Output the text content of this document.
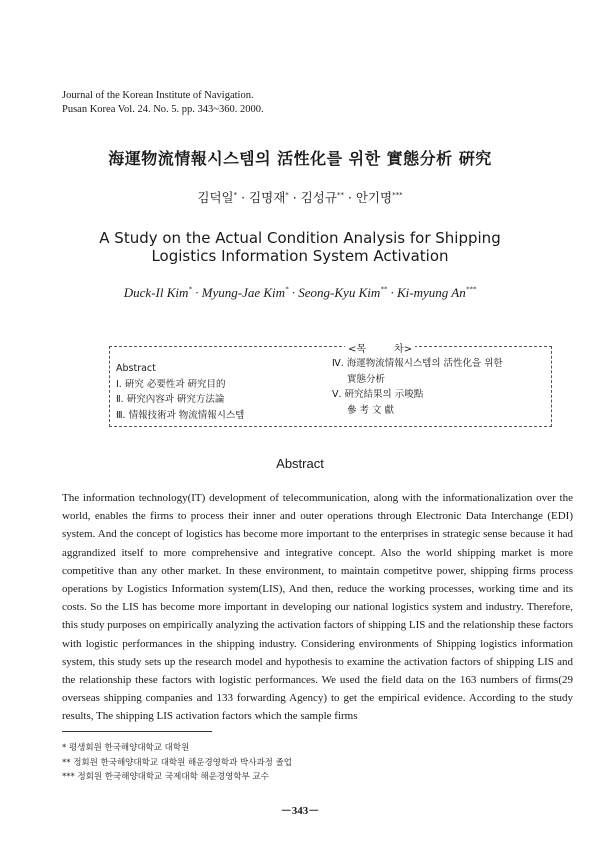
Journal of the Korean Institute of Navigation.
Pusan Korea Vol. 24. No. 5. pp. 343~360. 2000.
海運物流情報시스템의 活性化를 위한 實態分析 硏究
김덕일* · 김명재* · 김성규** · 안기명***
A Study on the Actual Condition Analysis for Shipping
Logistics Information System Activation
Duck-Il Kim* · Myung-Jae Kim* · Seong-Kyu Kim** · Ki-myung An***
<목	차>
Abstract
Ⅰ. 硏究 必要性과 硏究目的
Ⅱ. 硏究內容과 硏究方法論
Ⅲ. 情報技術과 物流情報시스템
Ⅳ. 海運物流情報시스템의 活性化을 위한
實態分析
Ⅴ. 硏究結果의 示唆點
參 考 文 獻
Abstract
The information technology(IT) development of telecommunication, along with the informationalization over the world, enables the firms to process their inner and outer operations through Electronic Data Interchange (EDI) system. And the concept of logistics has become more important to the enterprises in strategic sense because it had aggrandized itself to more comprehensive and integrative concept. Also the world shipping market is more competitive than any other market. In these environment, to maintain competitve power, shipping firms process operations by Logistics Information system(LIS), And then, reduce the working processes, working time and its costs. So the LIS has become more important in developing our national logistics system and industry. Therefore, this study purposes on empirically analyzing the activation factors of shipping LIS and the relationship these factors with logistic performances in the shipping industry. Considering environments of Shipping logistics information system, this study sets up the research model and hypothesis to examine the activation factors of shipping LIS and the relationship these factors with logistic performances. We used the field data on the 163 numbers of firms(29 overseas shipping companies and 133 forwarding Agency) to get the empirical evidence. According to the study results, The shipping LIS activation factors which the sample firms
* 평생회원 한국해양대학교 대학원
** 정회원 한국해양대학교 대학원 해운경영학과 박사과정 졸업
*** 정회원 한국해양대학교 국제대학 해운경영학부 교수
－343－
